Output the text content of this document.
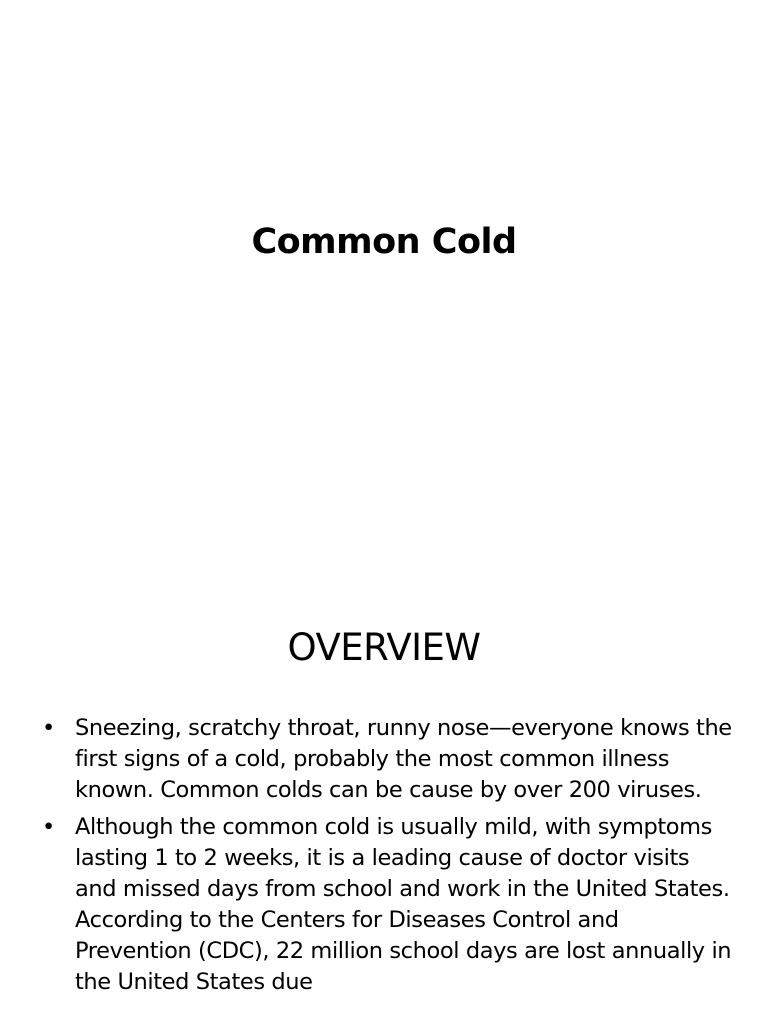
Common Cold
OVERVIEW
• Sneezing, scratchy throat, runny nose—everyone knows the first signs of a cold, probably the most common illness known. Common colds can be cause by over 200 viruses.
• Although the common cold is usually mild, with symptoms lasting 1 to 2 weeks, it is a leading cause of doctor visits and missed days from school and work in the United States. According to the Centers for Diseases Control and Prevention (CDC), 22 million school days are lost annually in the United States due
